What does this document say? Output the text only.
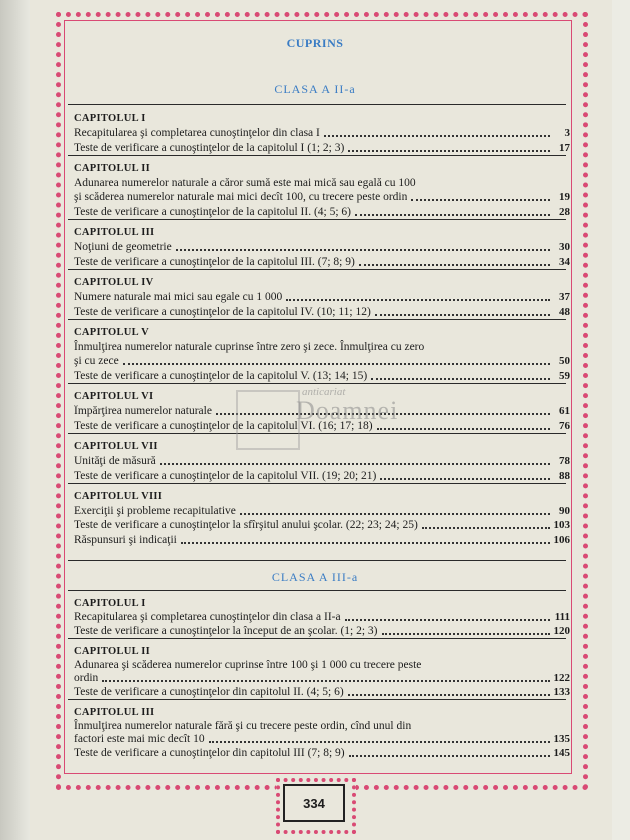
CUPRINS
CLASA A II-a
CAPITOLUL I
Recapitularea şi completarea cunoştinţelor din clasa I	3
Teste de verificare a cunoştinţelor de la capitolul I (1; 2; 3)	17
CAPITOLUL II
Adunarea numerelor naturale a căror sumă este mai mică sau egală cu 100
şi scăderea numerelor naturale mai mici decît 100, cu trecere peste ordin	19
Teste de verificare a cunoştinţelor de la capitolul II. (4; 5; 6)	28
CAPITOLUL III
Noţiuni de geometrie	30
Teste de verificare a cunoştinţelor de la capitolul III. (7; 8; 9)	34
CAPITOLUL IV
Numere naturale mai mici sau egale cu 1 000	37
Teste de verificare a cunoştinţelor de la capitolul IV. (10; 11; 12)	48
CAPITOLUL V
Înmulţirea numerelor naturale cuprinse între zero şi zece. Înmulţirea cu zero
şi cu zece	50
Teste de verificare a cunoştinţelor de la capitolul V. (13; 14; 15)	59
CAPITOLUL VI
Împărţirea numerelor naturale	61
Teste de verificare a cunoştinţelor de la capitolul VI. (16; 17; 18)	76
CAPITOLUL VII
Unităţi de măsură	78
Teste de verificare a cunoştinţelor de la capitolul VII. (19; 20; 21)	88
CAPITOLUL VIII
Exerciţii şi probleme recapitulative	90
Teste de verificare a cunoştinţelor la sfîrşitul anului şcolar. (22; 23; 24; 25)	103
Răspunsuri şi indicaţii	106
CLASA A III-a
CAPITOLUL I
Recapitularea şi completarea cunoştinţelor din clasa a II-a	111
Teste de verificare a cunoştinţelor la început de an şcolar. (1; 2; 3)	120
CAPITOLUL II
Adunarea şi scăderea numerelor cuprinse între 100 şi 1 000 cu trecere peste
ordin	122
Teste de verificare a cunoştinţelor din capitolul II. (4; 5; 6)	133
CAPITOLUL III
Înmulţirea numerelor naturale fără şi cu trecere peste ordin, cînd unul din
factori este mai mic decît 10	135
Teste de verificare a cunoştinţelor din capitolul III (7; 8; 9)	145
anticariat
Doamnei
334
